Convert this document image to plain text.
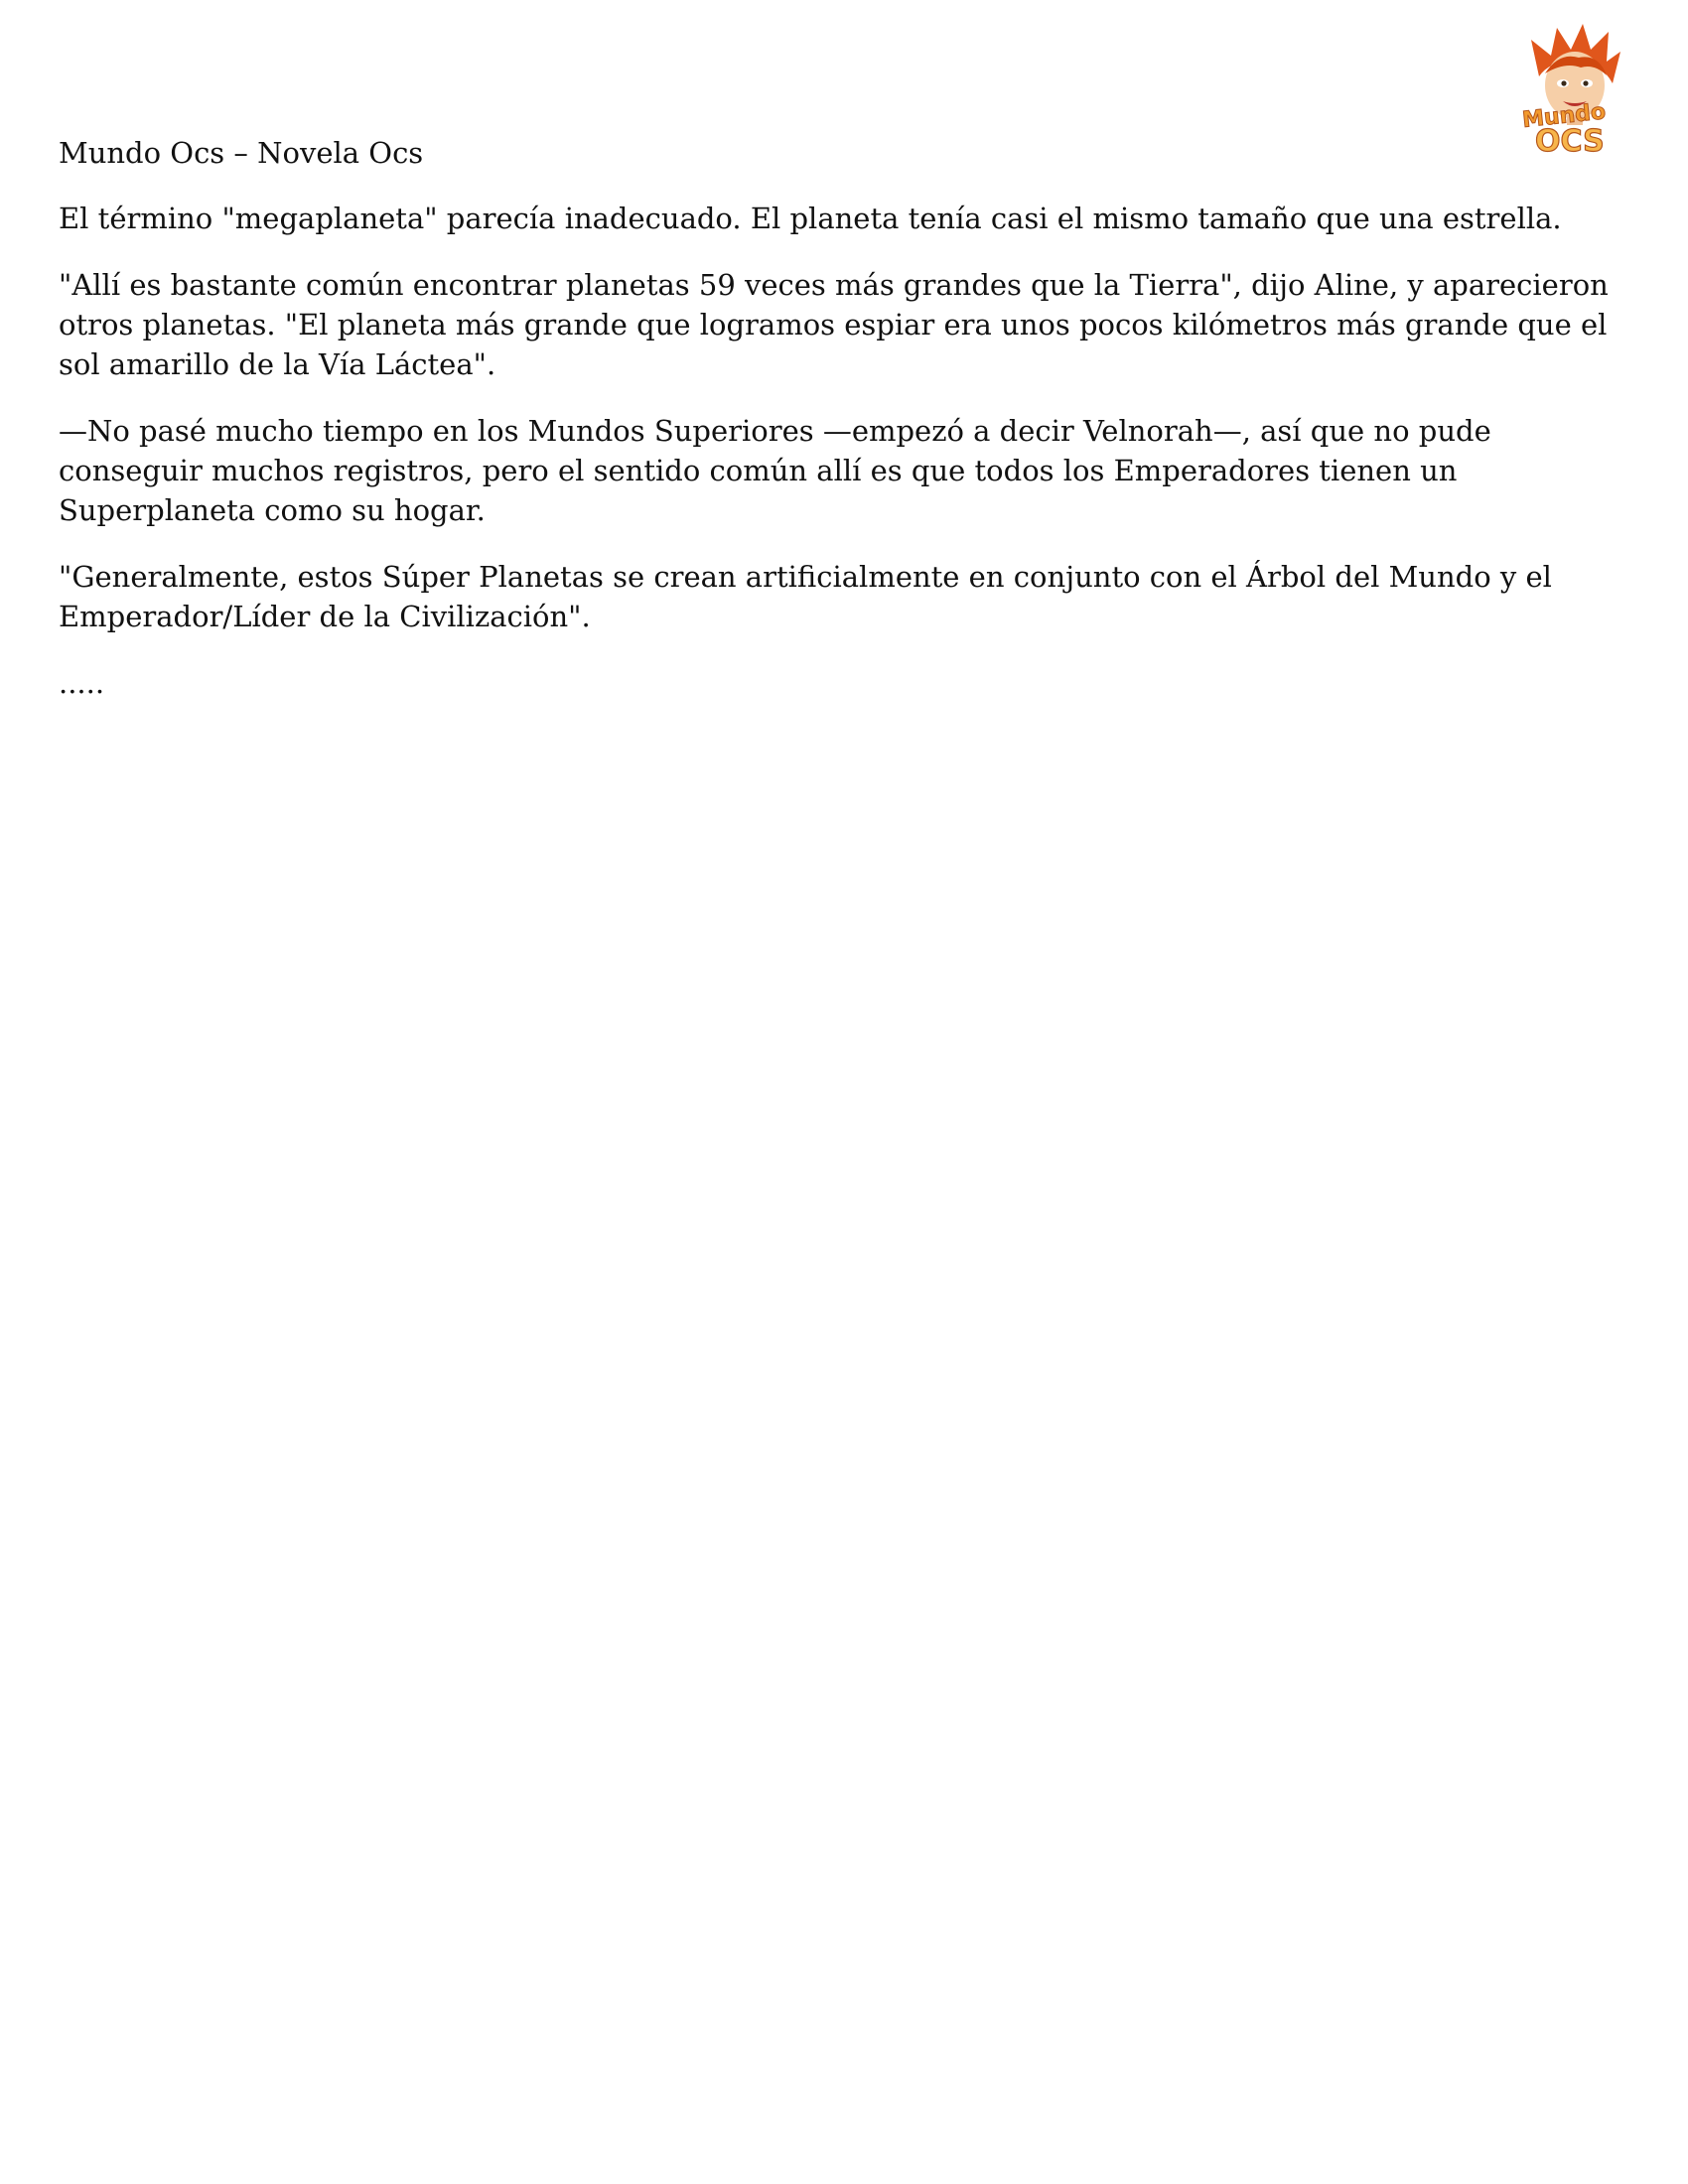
Mundo
OCS

Mundo Ocs – Novela Ocs

El término "megaplaneta" parecía inadecuado. El planeta tenía casi el mismo tamaño que una estrella.

"Allí es bastante común encontrar planetas 59 veces más grandes que la Tierra", dijo Aline, y aparecieron otros planetas. "El planeta más grande que logramos espiar era unos pocos kilómetros más grande que el sol amarillo de la Vía Láctea".

—No pasé mucho tiempo en los Mundos Superiores —empezó a decir Velnorah—, así que no pude conseguir muchos registros, pero el sentido común allí es que todos los Emperadores tienen un Superplaneta como su hogar.

"Generalmente, estos Súper Planetas se crean artificialmente en conjunto con el Árbol del Mundo y el Emperador/Líder de la Civilización".

.....
